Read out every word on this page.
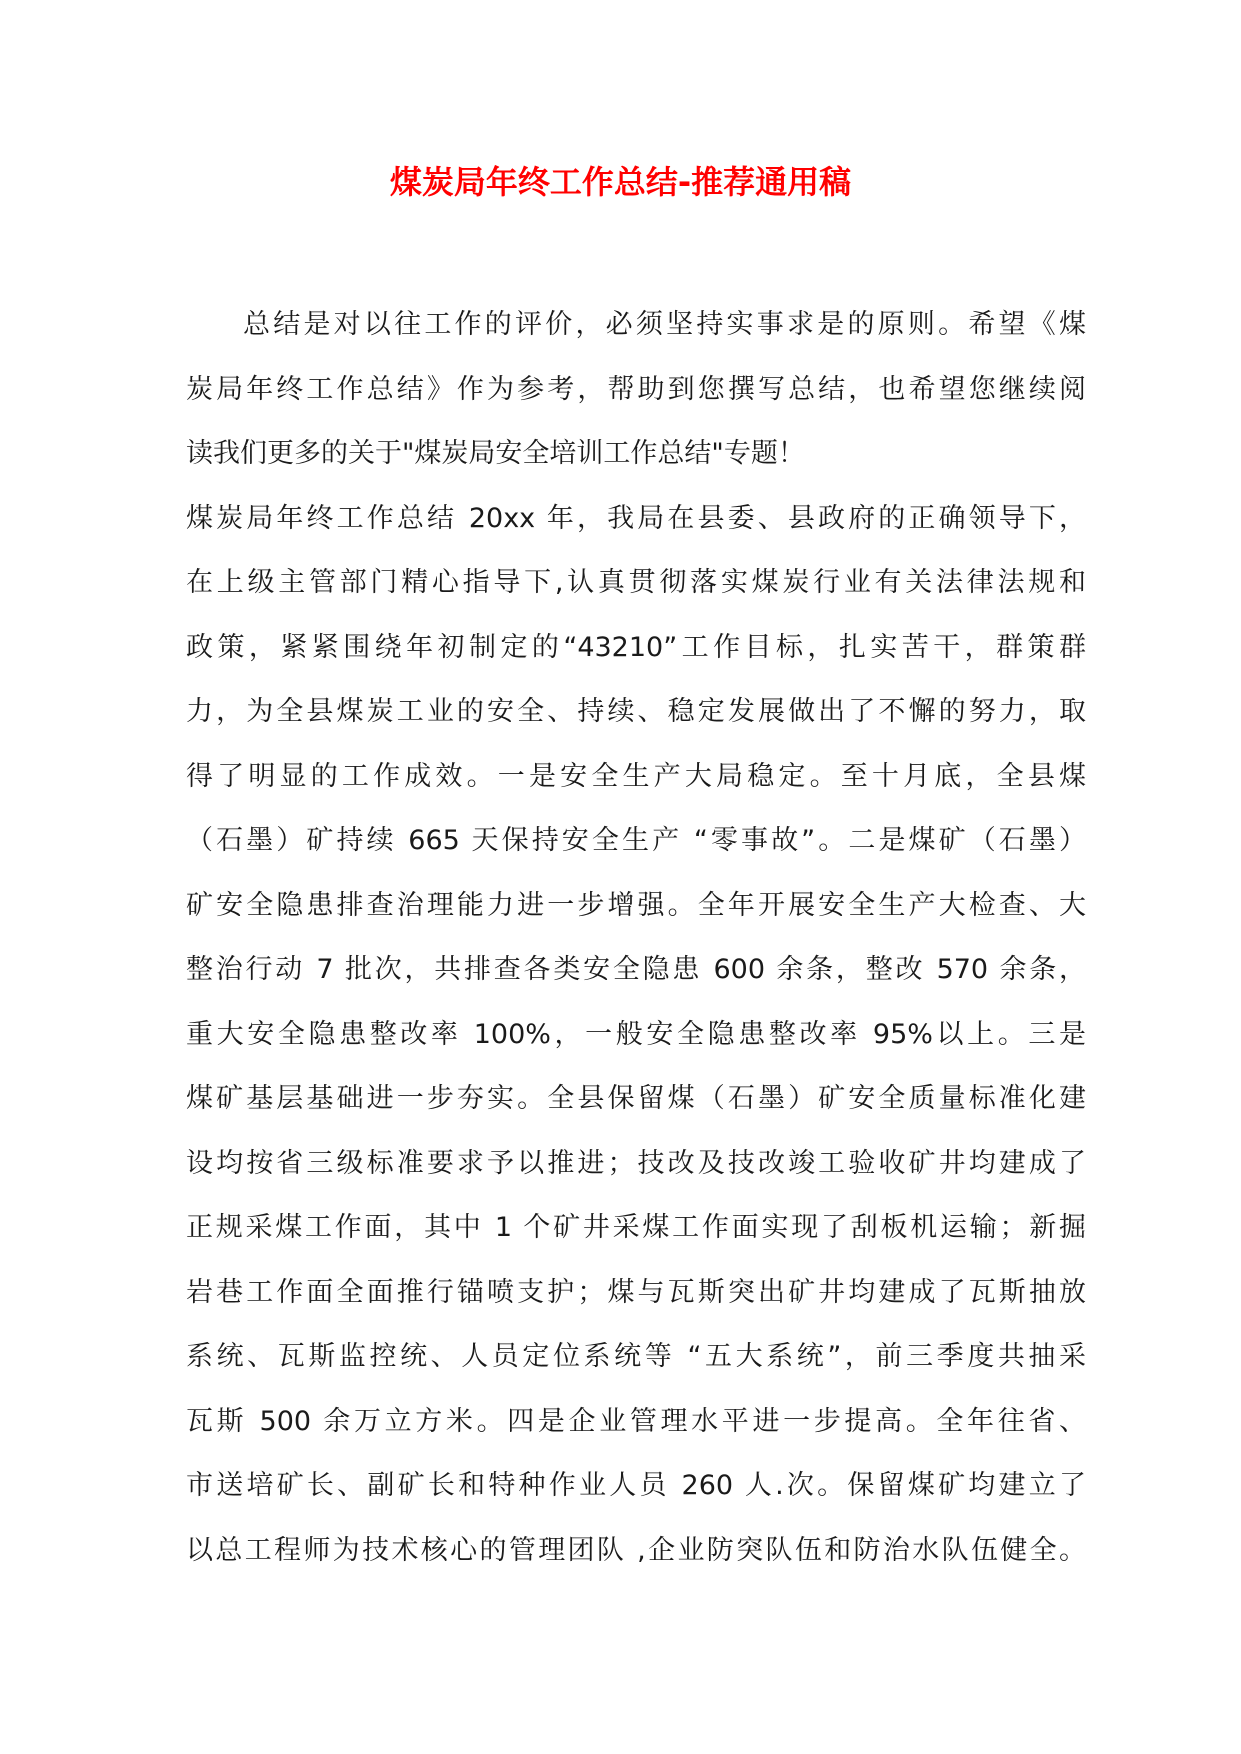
煤炭局年终工作总结-推荐通用稿
总结是对以往工作的评价，必须坚持实事求是的原则。希望《煤
炭局年终工作总结》作为参考，帮助到您撰写总结，也希望您继续阅
读我们更多的关于"煤炭局安全培训工作总结"专题！
煤炭局年终工作总结 20xx 年，我局在县委、县政府的正确领导下，
在上级主管部门精心指导下,认真贯彻落实煤炭行业有关法律法规和
政策，紧紧围绕年初制定的“43210”工作目标，扎实苦干，群策群
力，为全县煤炭工业的安全、持续、稳定发展做出了不懈的努力，取
得了明显的工作成效。一是安全生产大局稳定。至十月底，全县煤
（石墨）矿持续 665 天保持安全生产 “零事故”。二是煤矿（石墨）
矿安全隐患排查治理能力进一步增强。全年开展安全生产大检查、大
整治行动 7 批次，共排查各类安全隐患 600 余条，整改 570 余条，
重大安全隐患整改率 100%，一般安全隐患整改率 95%以上。三是
煤矿基层基础进一步夯实。全县保留煤（石墨）矿安全质量标准化建
设均按省三级标准要求予以推进；技改及技改竣工验收矿井均建成了
正规采煤工作面，其中 1 个矿井采煤工作面实现了刮板机运输；新掘
岩巷工作面全面推行锚喷支护；煤与瓦斯突出矿井均建成了瓦斯抽放
系统、瓦斯监控统、人员定位系统等 “五大系统”，前三季度共抽采
瓦斯 500 余万立方米。四是企业管理水平进一步提高。全年往省、
市送培矿长、副矿长和特种作业人员 260 人.次。保留煤矿均建立了
以总工程师为技术核心的管理团队 ,企业防突队伍和防治水队伍健全。
